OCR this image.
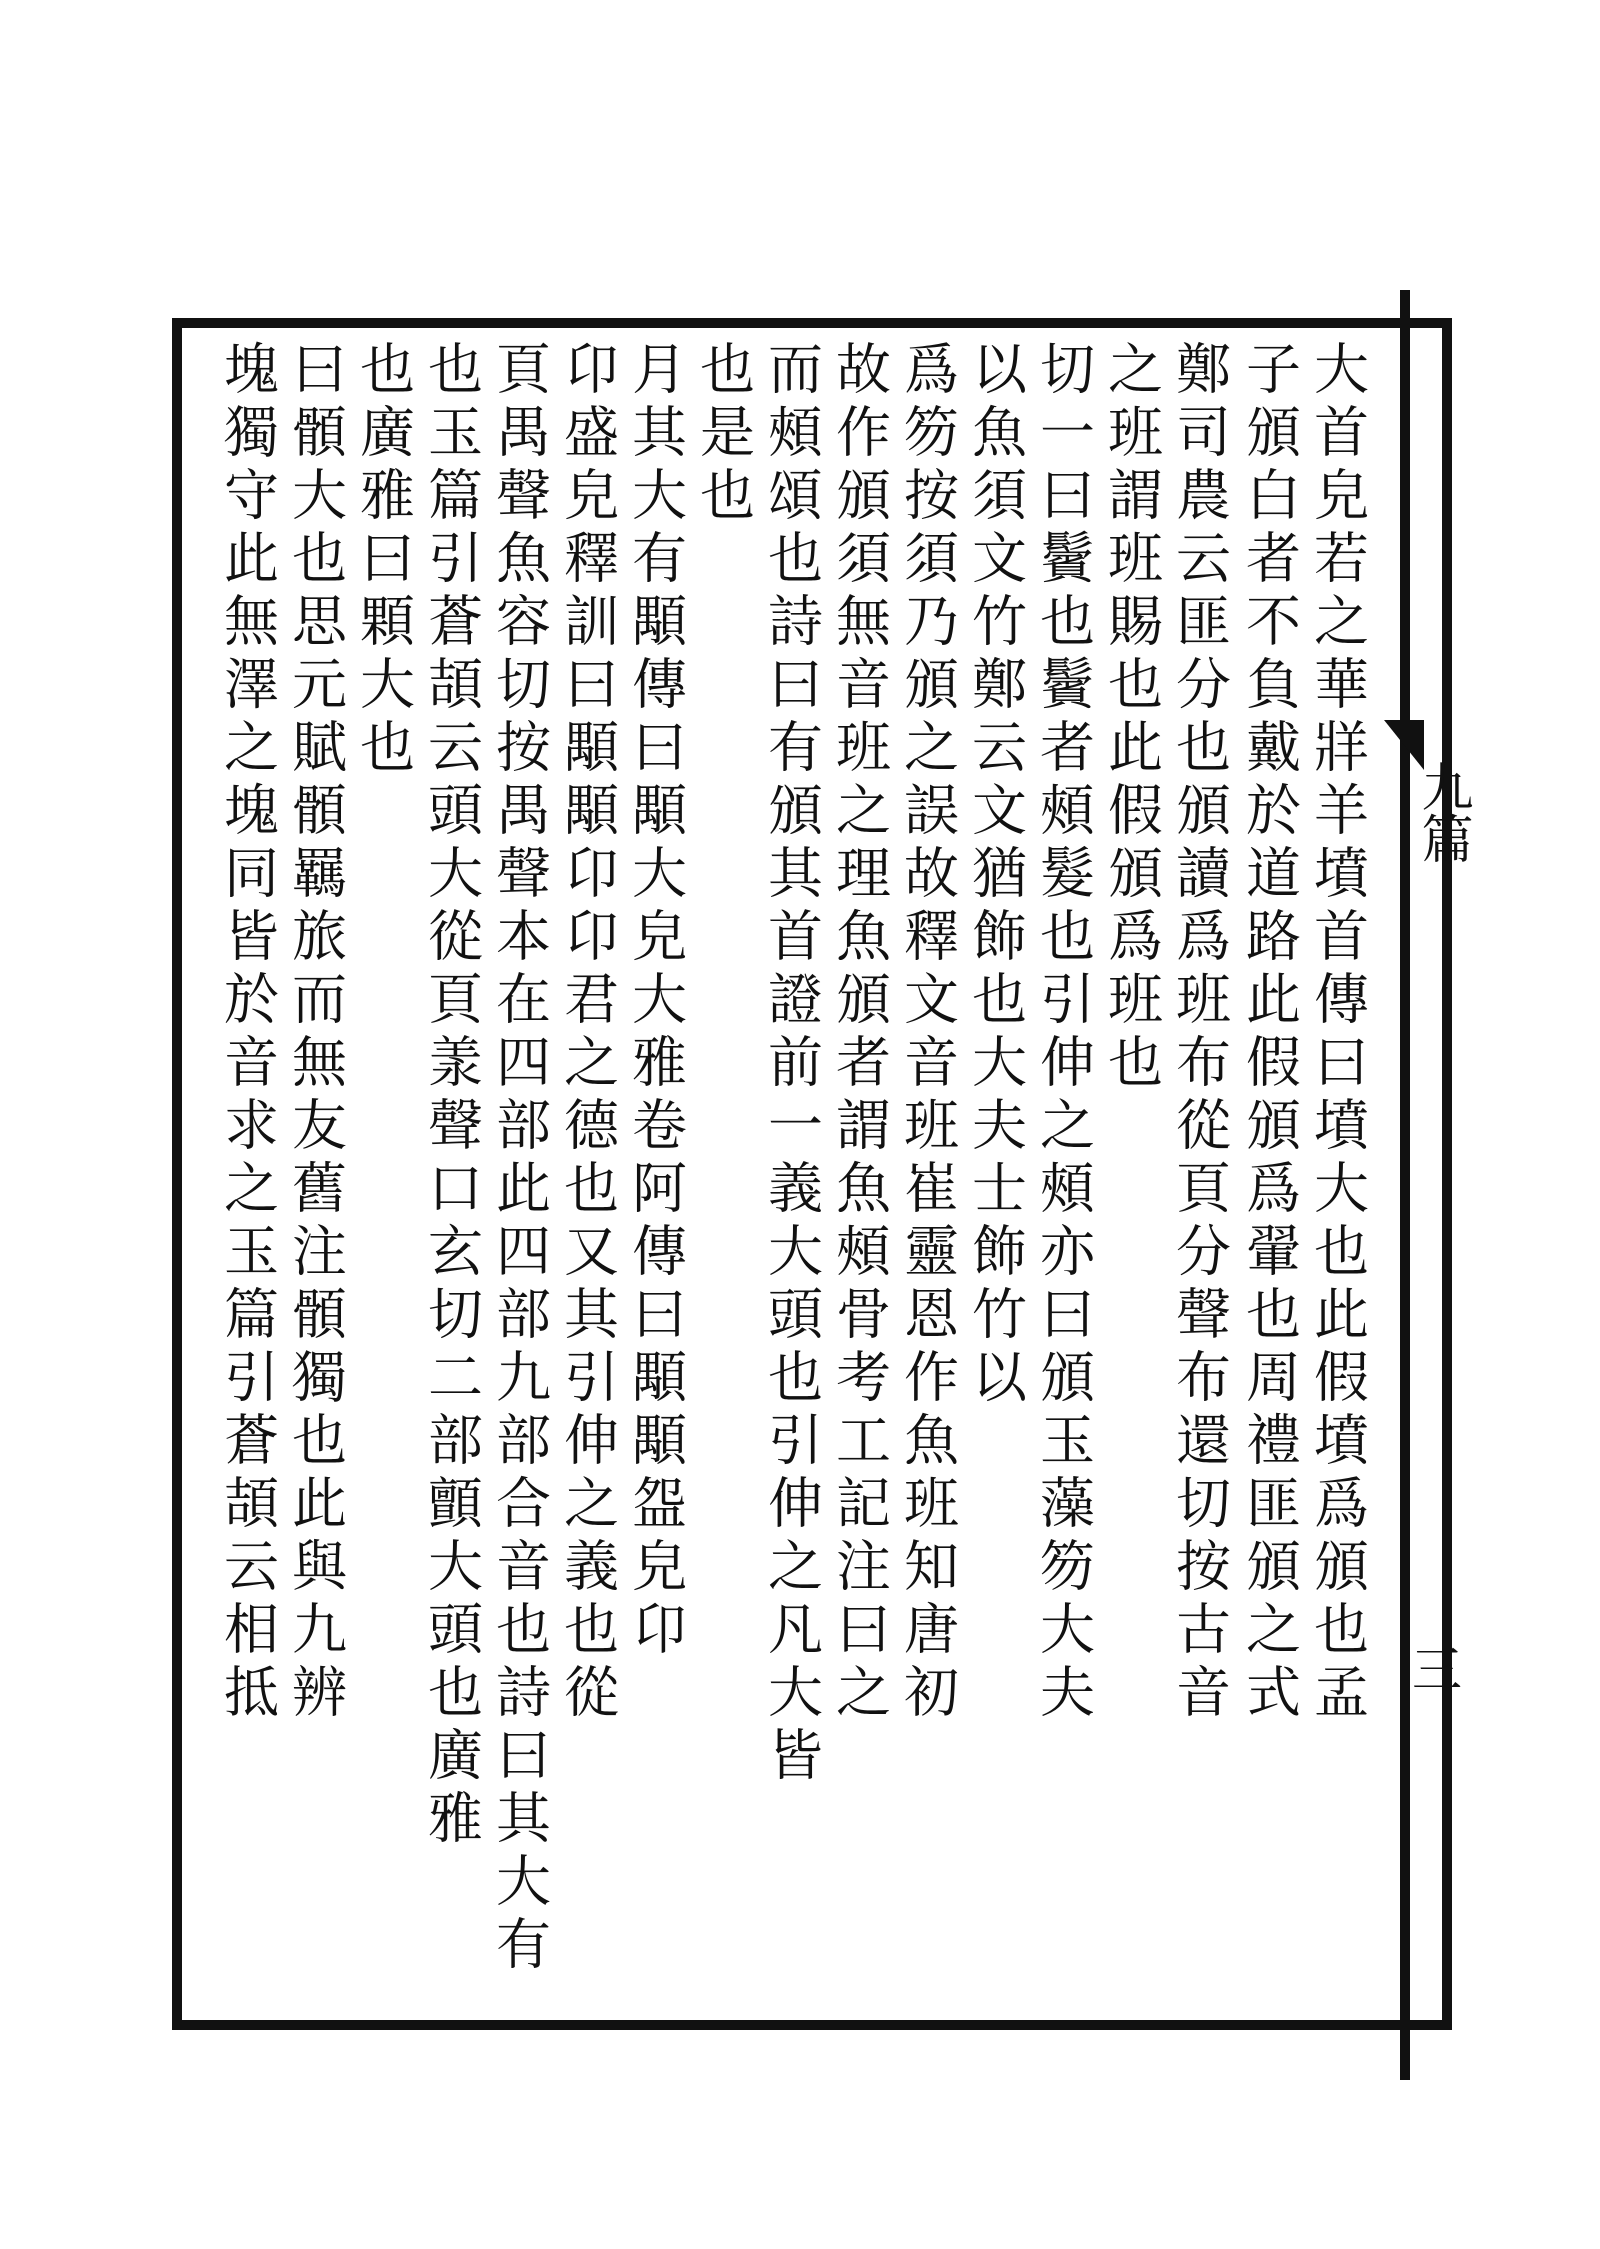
九篇
三
大首皃若之華牂羊墳首傳曰墳大也此假墳爲頒也孟
子頒白者不負戴於道路此假頒爲翬也周禮匪頒之式
鄭司農云匪分也頒讀爲班布從頁分聲布還切按古音
之班謂班賜也此假頒爲班也
切一曰鬢也鬢者頰髮也引伸之頰亦曰頒玉藻笏大夫
以魚須文竹鄭云文猶飾也大夫士飾竹以
爲笏按須乃頒之誤故釋文音班崔靈恩作魚班知唐初
故作頒須無音班之理魚頒者謂魚頰骨考工記注曰之
而頰頌也詩曰有頒其首證前一義大頭也引伸之凡大皆
也是也
月其大有顒傳曰顒大皃大雅卷阿傳曰顒顒盌皃卬
卬盛皃釋訓曰顒顒卬卬君之德也又其引伸之義也從
頁禺聲魚容切按禺聲本在四部此四部九部合音也詩曰其大有
也玉篇引蒼頡云頭大從頁羕聲口玄切二部顫大頭也廣雅
也廣雅曰顆大也
曰顝大也思元賦顝羈旅而無友舊注顝獨也此與九辨
塊獨守此無澤之塊同皆於音求之玉篇引蒼頡云相抵
